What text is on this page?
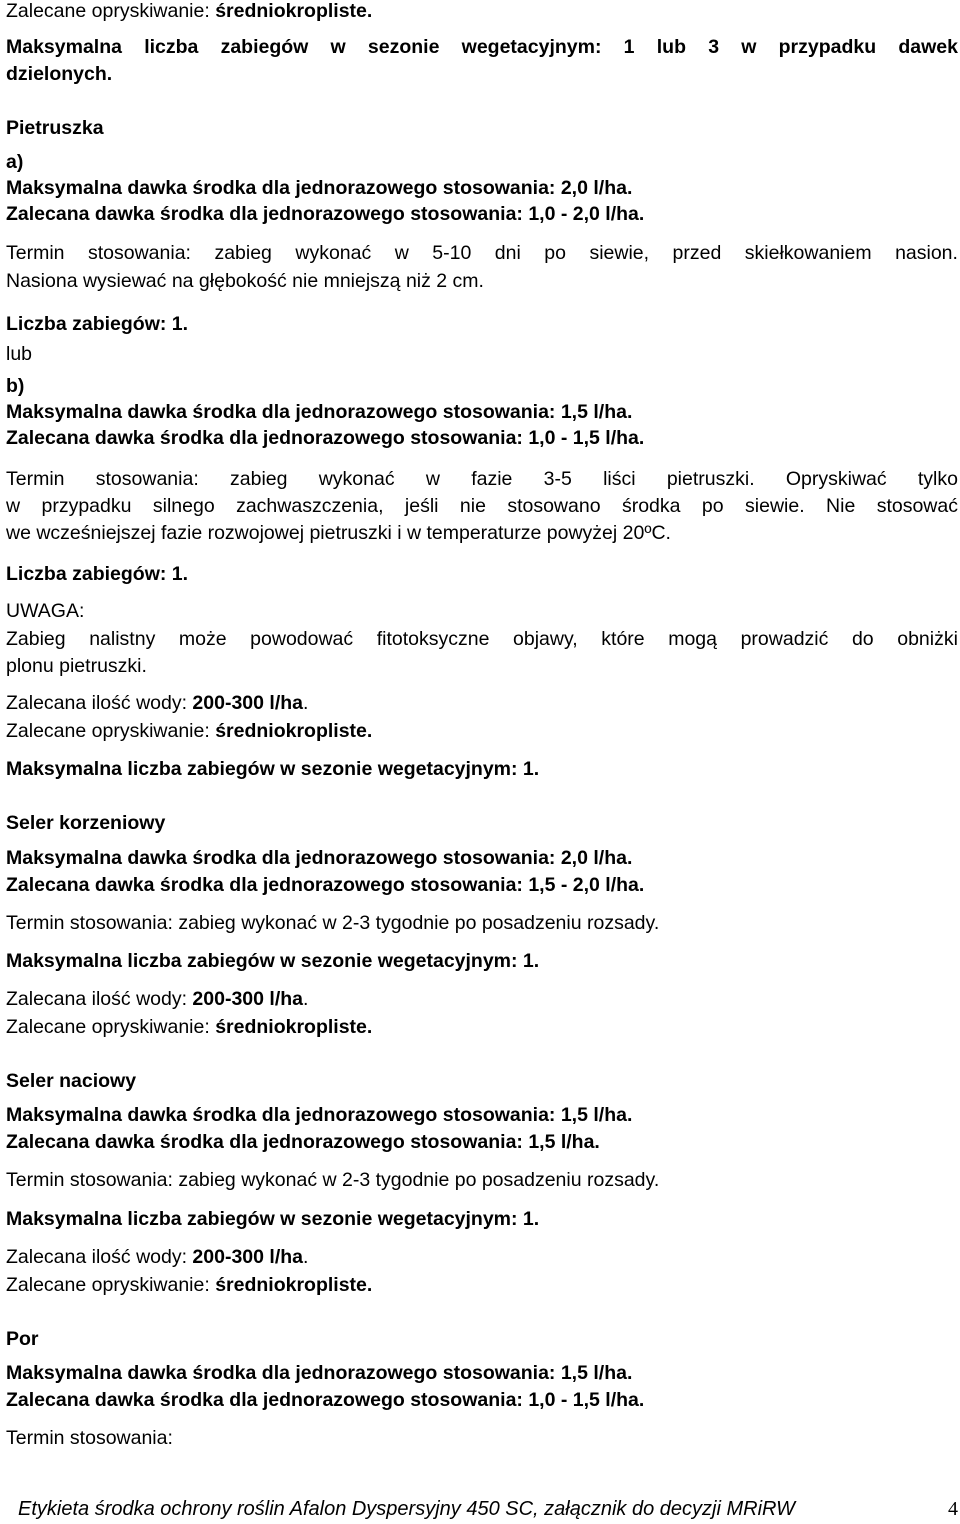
Zalecane opryskiwanie: średniokropliste.
Maksymalna liczba zabiegów w sezonie wegetacyjnym: 1 lub 3 w przypadku dawek
dzielonych.
Pietruszka
a)
Maksymalna dawka środka dla jednorazowego stosowania: 2,0 l/ha.
Zalecana dawka środka dla jednorazowego stosowania: 1,0 - 2,0 l/ha.
Termin stosowania: zabieg wykonać w 5-10 dni po siewie, przed skiełkowaniem nasion.
Nasiona wysiewać na głębokość nie mniejszą niż 2 cm.
Liczba zabiegów: 1.
lub
b)
Maksymalna dawka środka dla jednorazowego stosowania: 1,5 l/ha.
Zalecana dawka środka dla jednorazowego stosowania: 1,0 - 1,5 l/ha.
Termin stosowania: zabieg wykonać w fazie 3-5 liści pietruszki. Opryskiwać tylko
w przypadku silnego zachwaszczenia, jeśli nie stosowano środka po siewie. Nie stosować
we wcześniejszej fazie rozwojowej pietruszki i w temperaturze powyżej 20ºC.
Liczba zabiegów: 1.
UWAGA:
Zabieg nalistny może powodować fitotoksyczne objawy, które mogą prowadzić do obniżki
plonu pietruszki.
Zalecana ilość wody: 200-300 l/ha.
Zalecane opryskiwanie: średniokropliste.
Maksymalna liczba zabiegów w sezonie wegetacyjnym: 1.
Seler korzeniowy
Maksymalna dawka środka dla jednorazowego stosowania: 2,0 l/ha.
Zalecana dawka środka dla jednorazowego stosowania: 1,5 - 2,0 l/ha.
Termin stosowania: zabieg wykonać w 2-3 tygodnie po posadzeniu rozsady.
Maksymalna liczba zabiegów w sezonie wegetacyjnym: 1.
Zalecana ilość wody: 200-300 l/ha.
Zalecane opryskiwanie: średniokropliste.
Seler naciowy
Maksymalna dawka środka dla jednorazowego stosowania: 1,5 l/ha.
Zalecana dawka środka dla jednorazowego stosowania: 1,5 l/ha.
Termin stosowania: zabieg wykonać w 2-3 tygodnie po posadzeniu rozsady.
Maksymalna liczba zabiegów w sezonie wegetacyjnym: 1.
Zalecana ilość wody: 200-300 l/ha.
Zalecane opryskiwanie: średniokropliste.
Por
Maksymalna dawka środka dla jednorazowego stosowania: 1,5 l/ha.
Zalecana dawka środka dla jednorazowego stosowania: 1,0 - 1,5 l/ha.
Termin stosowania:
Etykieta środka ochrony roślin Afalon Dyspersyjny 450 SC, załącznik do decyzji MRiRW	4
